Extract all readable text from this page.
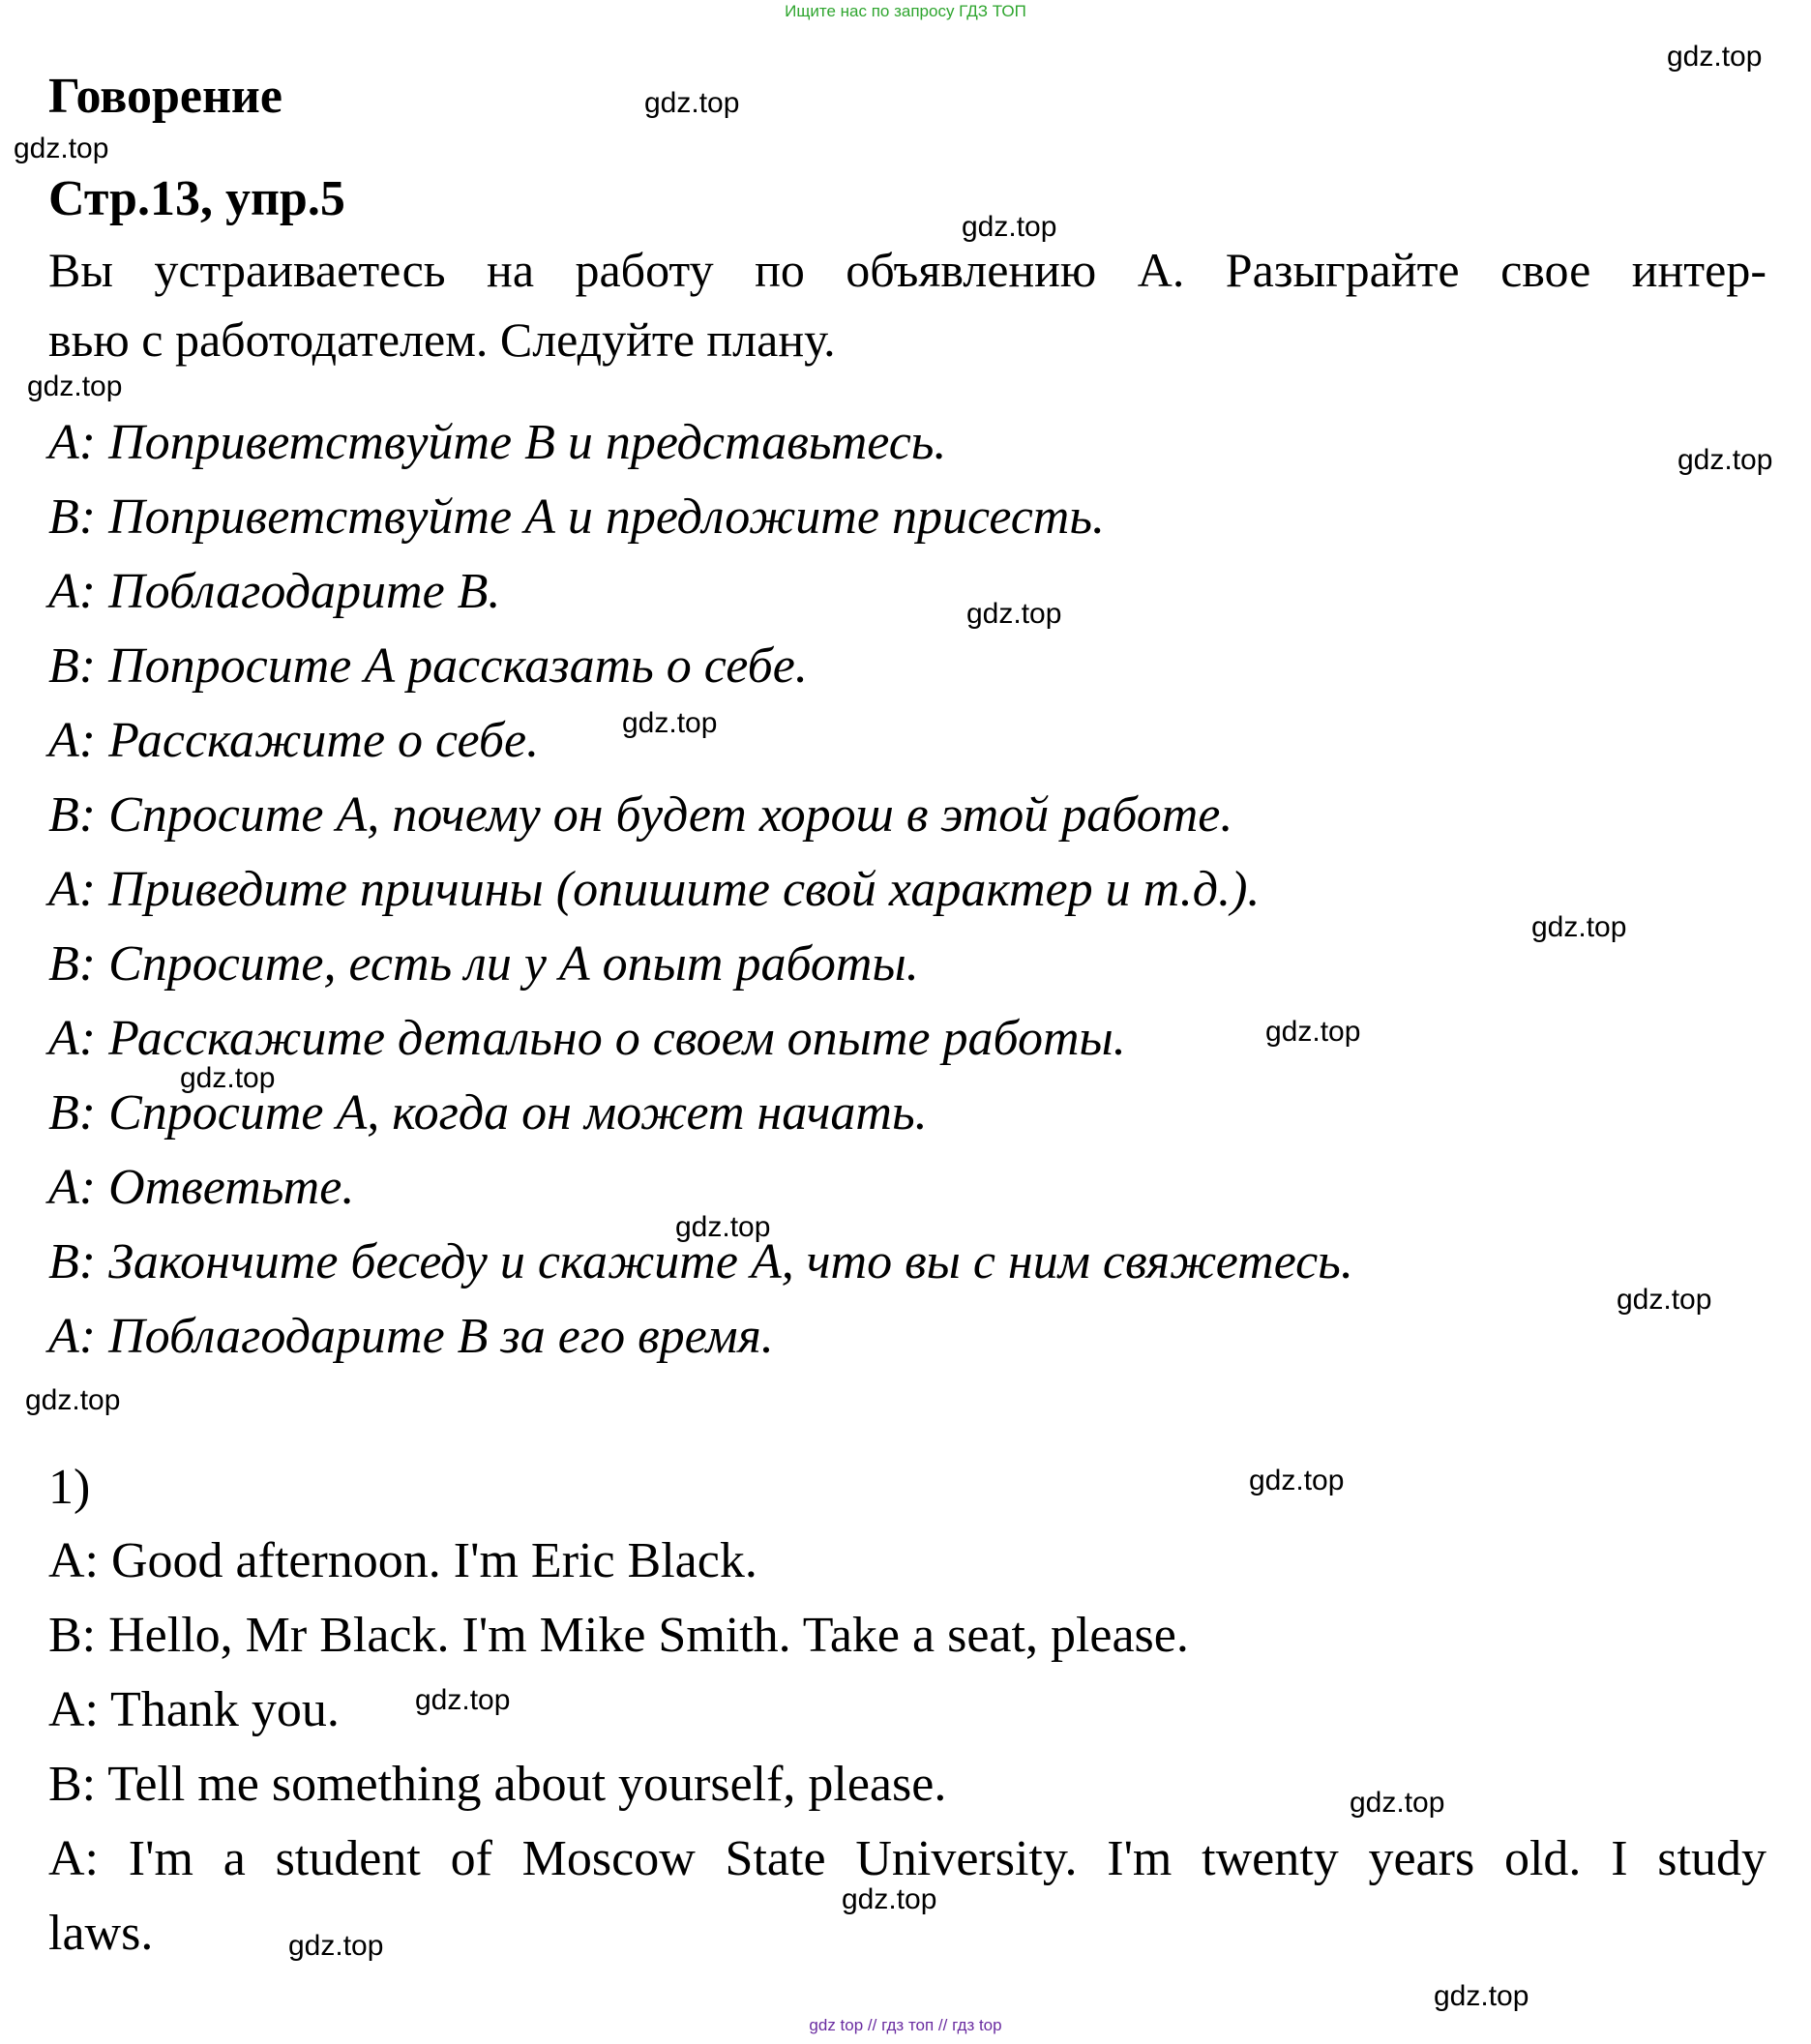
Ищите нас по запросу ГДЗ ТОП
Говорение
Стр.13, упр.5
Вы устраиваетесь на работу по объявлению А. Разыграйте свое интер-
вью с работодателем. Следуйте плану.
A: Поприветствуйте В и представьтесь.
B: Поприветствуйте А и предложите присесть.
A: Поблагодарите В.
B: Попросите А рассказать о себе.
A: Расскажите о себе.
B: Спросите А, почему он будет хорош в этой работе.
A: Приведите причины (опишите свой характер и т.д.).
B: Спросите, есть ли у А опыт работы.
A: Расскажите детально о своем опыте работы.
B: Спросите А, когда он может начать.
A: Ответьте.
B: Закончите беседу и скажите А, что вы с ним свяжетесь.
A: Поблагодарите В за его время.
1)
A: Good afternoon. I'm Eric Black.
B: Hello, Mr Black. I'm Mike Smith. Take a seat, please.
A: Thank you.
B: Tell me something about yourself, please.
A: I'm a student of Moscow State University. I'm twenty years old. I study
laws.
gdz.top
gdz.top
gdz.top
gdz.top
gdz.top
gdz.top
gdz.top
gdz.top
gdz.top
gdz.top
gdz.top
gdz.top
gdz.top
gdz.top
gdz.top
gdz.top
gdz.top
gdz.top
gdz.top
gdz.top
gdz top // гдз топ // гдз top
